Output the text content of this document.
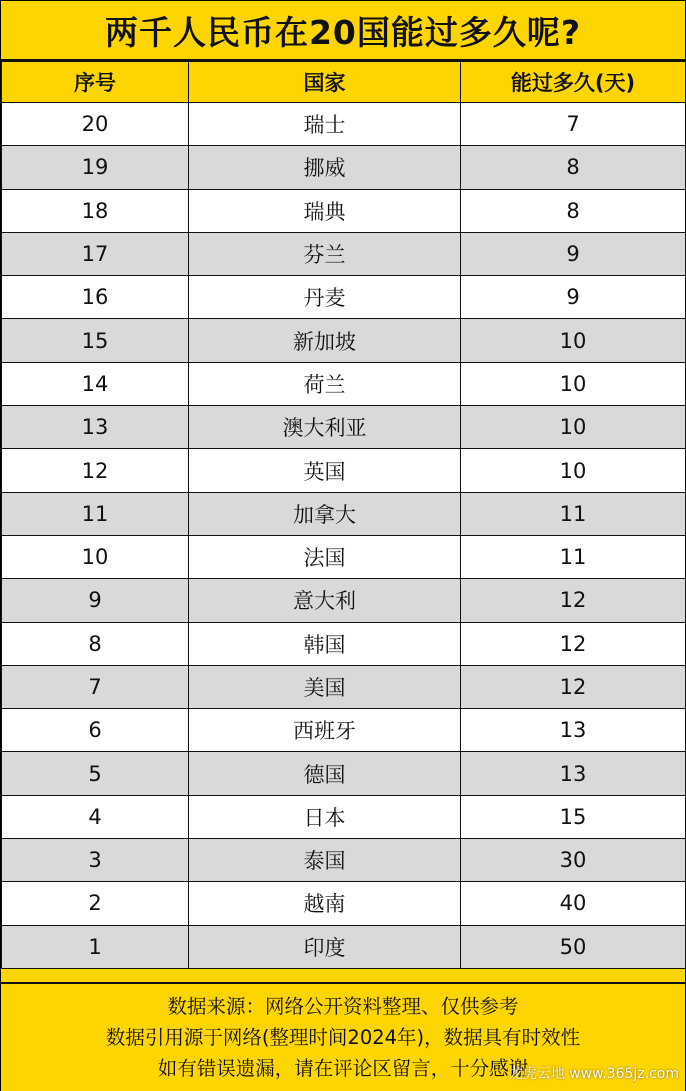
两千人民币在20国能过多久呢?
序号	国家	能过多久(天)
20	瑞士	7
19	挪威	8
18	瑞典	8
17	芬兰	9
16	丹麦	9
15	新加坡	10
14	荷兰	10
13	澳大利亚	10
12	英国	10
11	加拿大	11
10	法国	11
9	意大利	12
8	韩国	12
7	美国	12
6	西班牙	13
5	德国	13
4	日本	15
3	泰国	30
2	越南	40
1	印度	50
数据来源：网络公开资料整理、仅供参考
数据引用源于网络(整理时间2024年)，数据具有时效性
如有错误遗漏，请在评论区留言，十分感谢
龙虎云地 www.365jz.com
